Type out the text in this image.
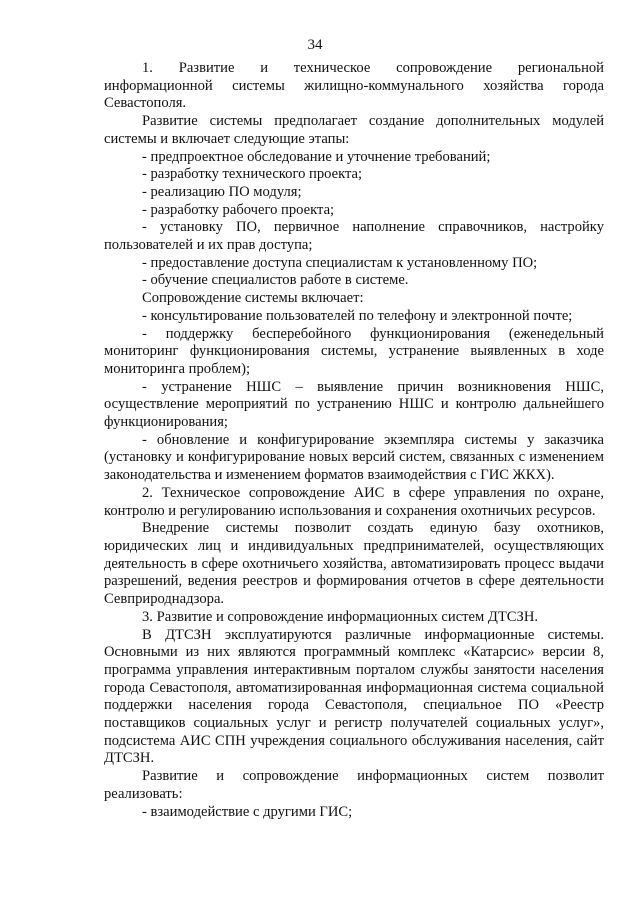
34

1. Развитие и техническое сопровождение региональной информационной системы жилищно-коммунального хозяйства города Севастополя.

Развитие системы предполагает создание дополнительных модулей системы и включает следующие этапы:

- предпроектное обследование и уточнение требований;

- разработку технического проекта;

- реализацию ПО модуля;

- разработку рабочего проекта;

- установку ПО, первичное наполнение справочников, настройку пользователей и их прав доступа;

- предоставление доступа специалистам к установленному ПО;

- обучение специалистов работе в системе.

Сопровождение системы включает:

- консультирование пользователей по телефону и электронной почте;

- поддержку бесперебойного функционирования (еженедельный мониторинг функционирования системы, устранение выявленных в ходе мониторинга проблем);

- устранение НШС – выявление причин возникновения НШС, осуществление мероприятий по устранению НШС и контролю дальнейшего функционирования;

- обновление и конфигурирование экземпляра системы у заказчика (установку и конфигурирование новых версий систем, связанных с изменением законодательства и изменением форматов взаимодействия с ГИС ЖКХ).

2. Техническое сопровождение АИС в сфере управления по охране, контролю и регулированию использования и сохранения охотничьих ресурсов.

Внедрение системы позволит создать единую базу охотников, юридических лиц и индивидуальных предпринимателей, осуществляющих деятельность в сфере охотничьего хозяйства, автоматизировать процесс выдачи разрешений, ведения реестров и формирования отчетов в сфере деятельности Севприроднадзора.

3. Развитие и сопровождение информационных систем ДТСЗН.

В ДТСЗН эксплуатируются различные информационные системы. Основными из них являются программный комплекс «Катарсис» версии 8, программа управления интерактивным порталом службы занятости населения города Севастополя, автоматизированная информационная система социальной поддержки населения города Севастополя, специальное ПО «Реестр поставщиков социальных услуг и регистр получателей социальных услуг», подсистема АИС СПН учреждения социального обслуживания населения, сайт ДТСЗН.

Развитие и сопровождение информационных систем позволит реализовать:

- взаимодействие с другими ГИС;
